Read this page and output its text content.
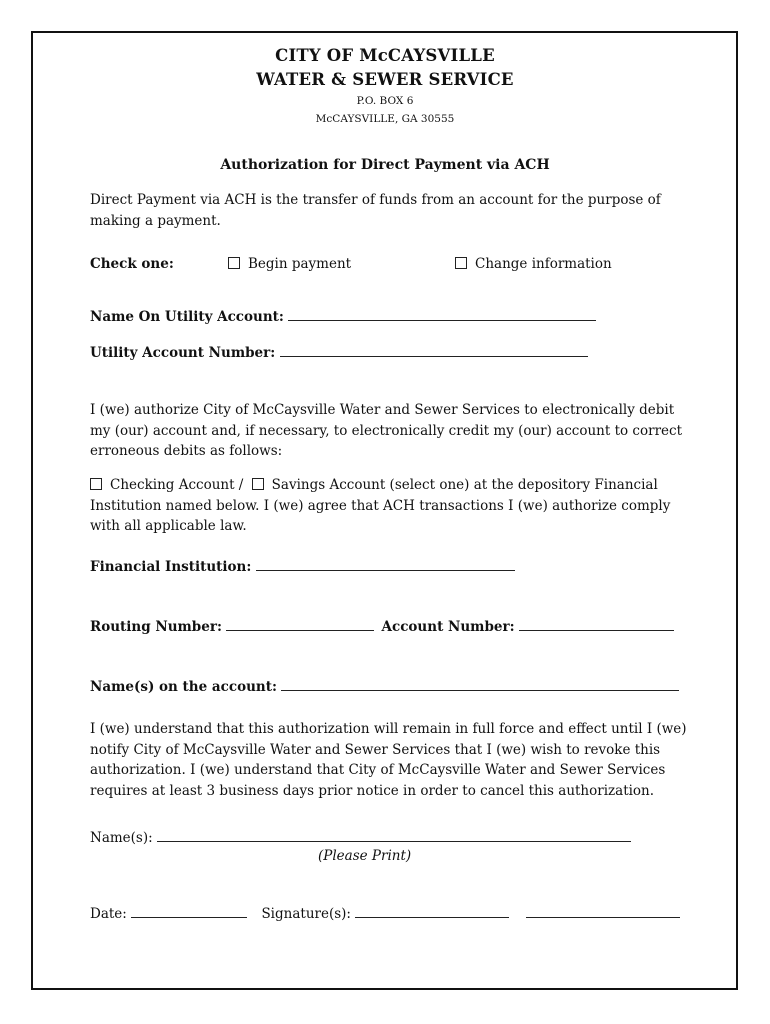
CITY OF McCAYSVILLE
WATER & SEWER SERVICE
P.O. BOX 6
McCAYSVILLE, GA 30555
Authorization for Direct Payment via ACH
Direct Payment via ACH is the transfer of funds from an account for the purpose of making a payment.
Check one:	Begin payment	Change information
Name On Utility Account:
Utility Account Number:
I (we) authorize City of McCaysville Water and Sewer Services to electronically debit my (our) account and, if necessary, to electronically credit my (our) account to correct erroneous debits as follows:
Checking Account / Savings Account (select one) at the depository Financial Institution named below. I (we) agree that ACH transactions I (we) authorize comply with all applicable law.
Financial Institution:
Routing Number:	Account Number:
Name(s) on the account:
I (we) understand that this authorization will remain in full force and effect until I (we) notify City of McCaysville Water and Sewer Services that I (we) wish to revoke this authorization. I (we) understand that City of McCaysville Water and Sewer Services requires at least 3 business days prior notice in order to cancel this authorization.
Name(s):
(Please Print)
Date:	Signature(s):
